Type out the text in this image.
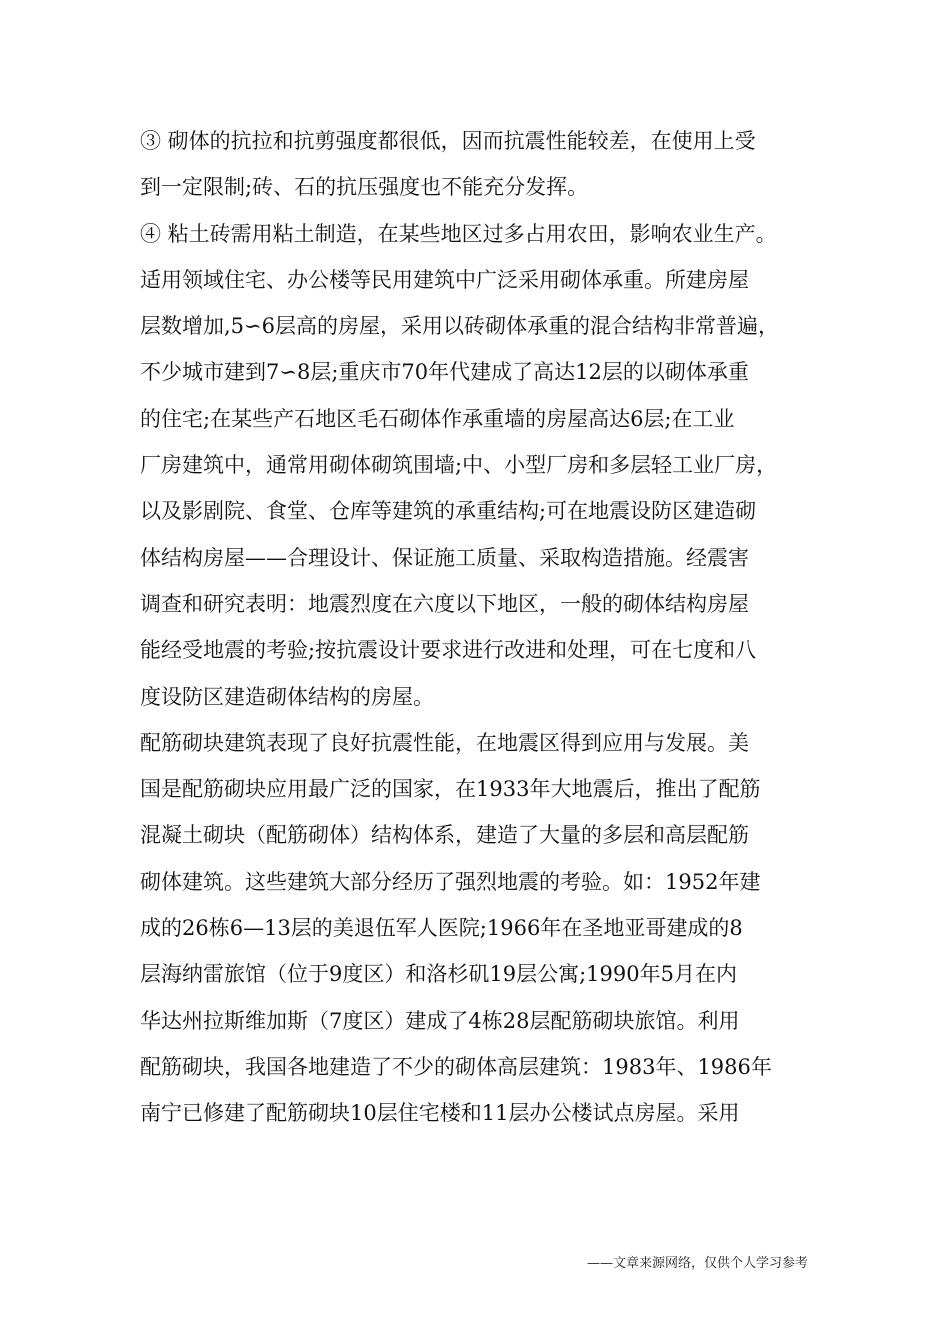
③ 砌体的抗拉和抗剪强度都很低，因而抗震性能较差，在使用上受
到一定限制;砖、石的抗压强度也不能充分发挥。
④ 粘土砖需用粘土制造，在某些地区过多占用农田，影响农业生产。
适用领域住宅、办公楼等民用建筑中广泛采用砌体承重。所建房屋
层数增加,5∽6层高的房屋，采用以砖砌体承重的混合结构非常普遍，
不少城市建到7∽8层;重庆市70年代建成了高达12层的以砌体承重
的住宅;在某些产石地区毛石砌体作承重墙的房屋高达6层;在工业
厂房建筑中，通常用砌体砌筑围墙;中、小型厂房和多层轻工业厂房，
以及影剧院、食堂、仓库等建筑的承重结构;可在地震设防区建造砌
体结构房屋——合理设计、保证施工质量、采取构造措施。经震害
调查和研究表明：地震烈度在六度以下地区，一般的砌体结构房屋
能经受地震的考验;按抗震设计要求进行改进和处理，可在七度和八
度设防区建造砌体结构的房屋。
配筋砌块建筑表现了良好抗震性能，在地震区得到应用与发展。美
国是配筋砌块应用最广泛的国家，在1933年大地震后，推出了配筋
混凝土砌块（配筋砌体）结构体系，建造了大量的多层和高层配筋
砌体建筑。这些建筑大部分经历了强烈地震的考验。如：1952年建
成的26栋6—13层的美退伍军人医院;1966年在圣地亚哥建成的8
层海纳雷旅馆（位于9度区）和洛杉矶19层公寓;1990年5月在内
华达州拉斯维加斯（7度区）建成了4栋28层配筋砌块旅馆。利用
配筋砌块，我国各地建造了不少的砌体高层建筑：1983年、1986年
南宁已修建了配筋砌块10层住宅楼和11层办公楼试点房屋。采用
——文章来源网络，仅供个人学习参考
